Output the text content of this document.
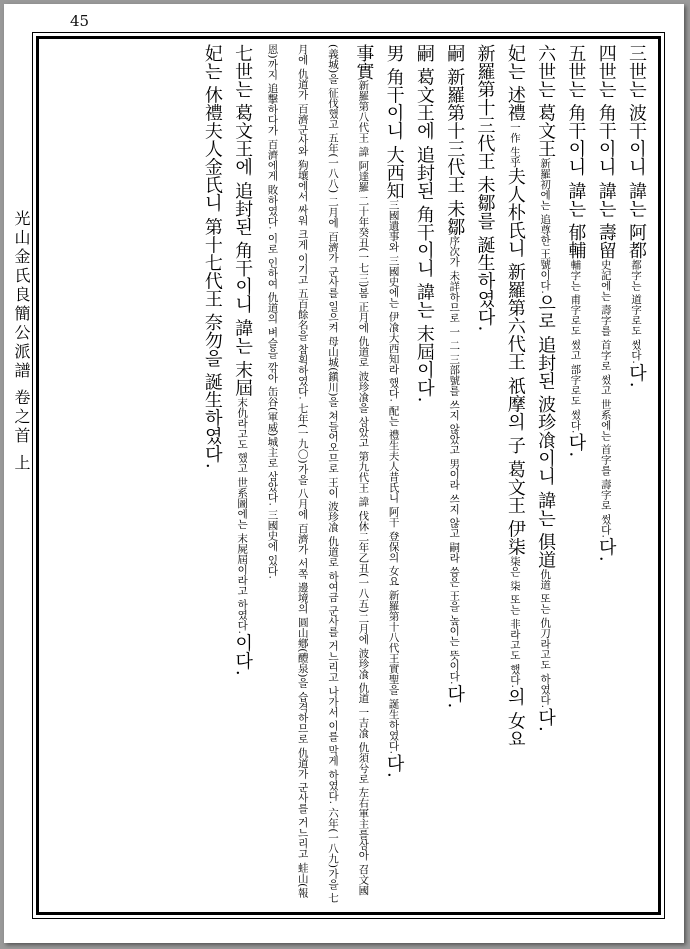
45
光山金氏良簡公派譜 卷之首 上

三世는 波干이니 諱는 阿都都字는 道字로도 썼다.다.

四世는 角干이니 諱는 壽留史記에는 壽字를 首字로 썼고 世系에는 首字를 壽字로 썼다.다.

五世는 角干이니 諱는 郁輔輔字는 甫字로도 썼고 部字로도 썼다.다.

六世는 葛文王新羅初에는 追尊한 王號이다.으로 追封된 波珍飡이니 諱는 俱道仇道 또는 仇刀라고도 하였다.다.

妃는 述禮一作 生乎夫人朴氏니 新羅第六代王 祇摩의 子 葛文王 伊柒柒은 柒 또는 非라고도 했다.의 女요

新羅第十三代王 未鄒를 誕生하였다.

嗣 新羅第十三代王 未鄒序次가 未詳하므로 一 二 三部號를 쓰지 않았고 男이라 쓰지 않고 嗣라 씀은 王을 높이는 뜻이다.다.

嗣 葛文王에 追封된 角干이니 諱는 末屆이다.

男 角干이니 大西知三國遺事와 三國史에는 伊飡大西知라 했다. 配는 禮生夫人昔氏니 阿干 登保의 女요 新羅第十八代王實聖을 誕生하였다.다.

事實新羅第八代王 諱 阿達羅 二十年癸丑(一七三)봄 正月에 仇道로 波珍飡을 삼았고 第九代王 諱 伐休二年乙丑(一八五)二月에 波珍飡 仇道 一吉飡 仇須兮로 左右軍主를삼아 召文國(義城)을 征伐했고 五年(一八八) 二月에 百濟가 군사를 일으켜 母山城(鎭川)을 쳐들어오므로 王이 波珍飡 仇道로 하여금 군사를 거느리고 나가서 이를 막게 하였다. 六年(一八九)가을 七月에 仇道가 百濟군사와 狗壤에서 싸워 크게 이기고 五百餘名을 참획하였다. 七年(一九〇)가을 八月에 百濟가 서쪽 邊境의 圓山鄕(醴泉)을 습격하므로 仇道가 군사를 거느리고 蛙山(報恩)까지 追擊하다가 百濟에게 敗하였다. 이로 인하여 仇道의 벼슬을 깎아 缶谷(軍威)城主로 삼았다. 三國史에 있다.

七世는 葛文王에 追封된 角干이니 諱는 末屆末仇라고도 했고 世系圖에는 末屍屆이라고 하였다.이다.

妃는 休禮夫人金氏니 第十七代王 奈勿을 誕生하였다.
